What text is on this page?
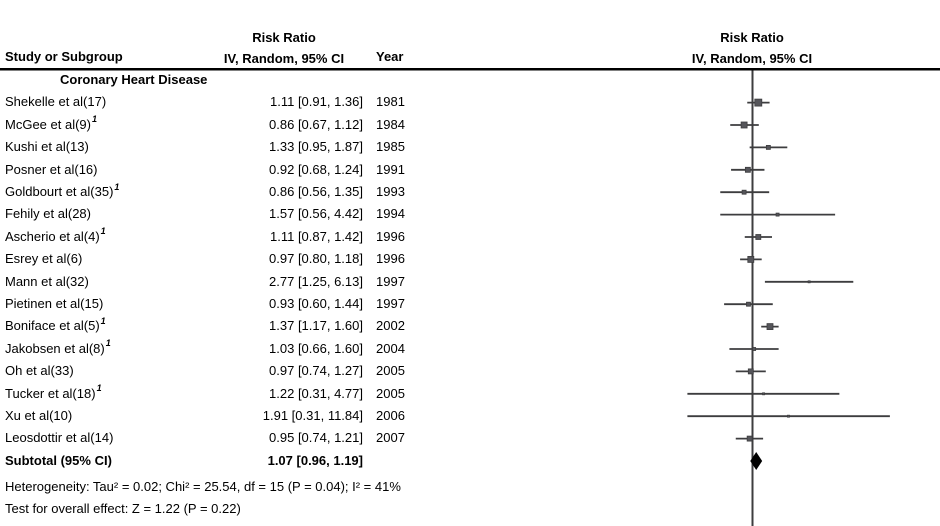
Study or Subgroup
Risk Ratio
IV, Random, 95% CI	Year
Risk Ratio
IV, Random, 95% CI
Coronary Heart Disease
Shekelle et al(17)	1.11 [0.91, 1.36] 1981
McGee et al(9)$^1$	0.86 [0.67, 1.12] 1984
Kushi et al(13)	1.33 [0.95, 1.87] 1985
Posner et al(16)	0.92 [0.68, 1.24] 1991
Goldbourt et al(35)$^1$	0.86 [0.56, 1.35] 1993
Fehily et al(28)	1.57 [0.56, 4.42] 1994
Ascherio et al(4)$^1$	1.11 [0.87, 1.42] 1996
Esrey et al(6)	0.97 [0.80, 1.18] 1996
Mann et al(32)	2.77 [1.25, 6.13] 1997
Pietinen et al(15)	0.93 [0.60, 1.44] 1997
Boniface et al(5)$^1$	1.37 [1.17, 1.60] 2002
Jakobsen et al(8)$^1$	1.03 [0.66, 1.60] 2004
Oh et al(33)	0.97 [0.74, 1.27] 2005
Tucker et al(18)$^1$	1.22 [0.31, 4.77] 2005
Xu et al(10)	1.91 [0.31, 11.84] 2006
Leosdottir et al(14)	0.95 [0.74, 1.21] 2007
Subtotal (95% CI)	1.07 [0.96, 1.19]
Heterogeneity: Tau² = 0.02; Chi² = 25.54, df = 15 (P = 0.04); I² = 41%
Test for overall effect: Z = 1.22 (P = 0.22)
